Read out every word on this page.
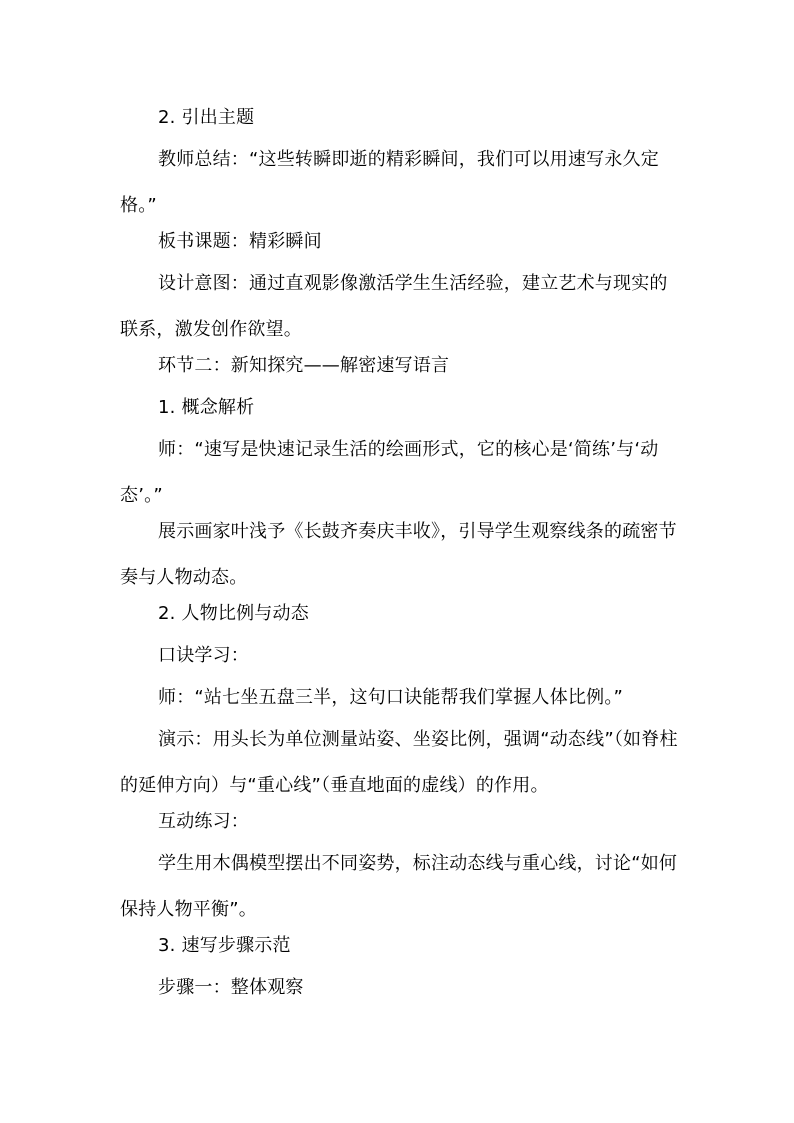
2. 引出主题

教师总结：“这些转瞬即逝的精彩瞬间，我们可以用速写永久定格。”

板书课题：精彩瞬间

设计意图：通过直观影像激活学生生活经验，建立艺术与现实的联系，激发创作欲望。

环节二：新知探究——解密速写语言

1. 概念解析

师：“速写是快速记录生活的绘画形式，它的核心是‘简练’与‘动态’。”

展示画家叶浅予《长鼓齐奏庆丰收》，引导学生观察线条的疏密节奏与人物动态。

2. 人物比例与动态

口诀学习：

师：“站七坐五盘三半，这句口诀能帮我们掌握人体比例。”

演示：用头长为单位测量站姿、坐姿比例，强调“动态线”（如脊柱的延伸方向）与“重心线”（垂直地面的虚线）的作用。

互动练习：

学生用木偶模型摆出不同姿势，标注动态线与重心线，讨论“如何保持人物平衡”。

3. 速写步骤示范

步骤一：整体观察
